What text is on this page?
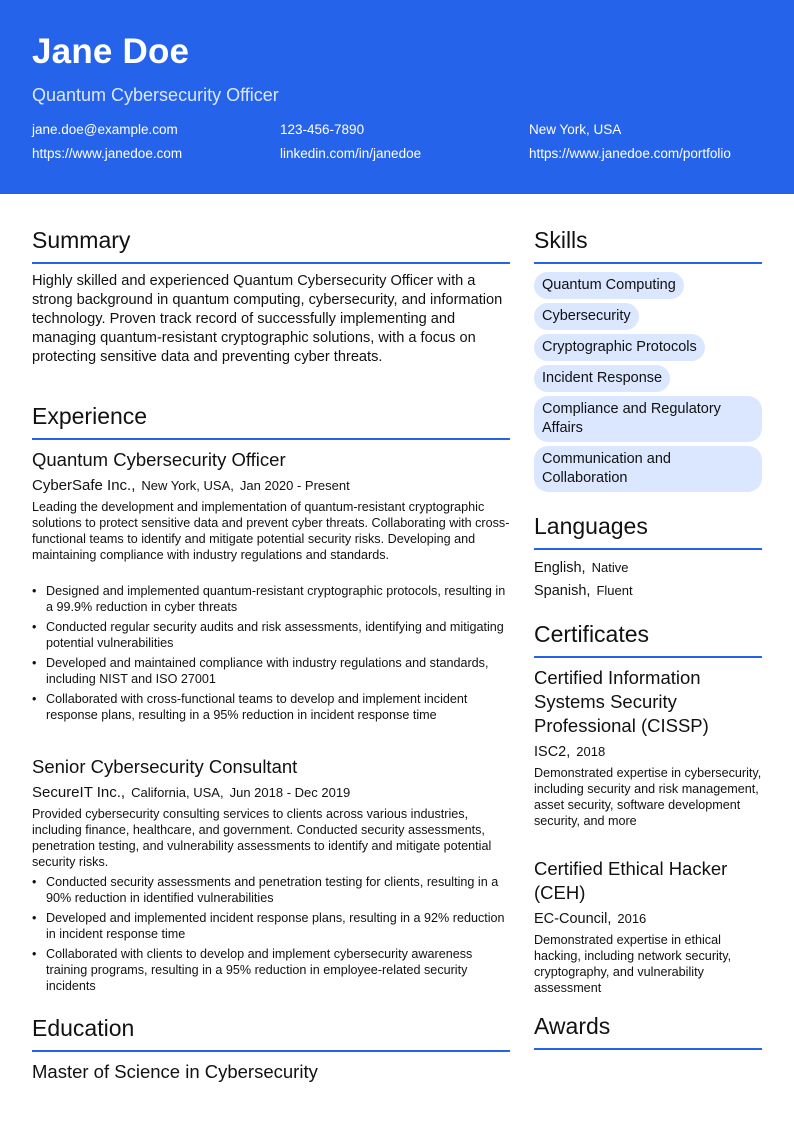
Jane Doe
Quantum Cybersecurity Officer
jane.doe@example.com	123-456-7890	New York, USA
https://www.janedoe.com	linkedin.com/in/janedoe	https://www.janedoe.com/portfolio
Summary
Highly skilled and experienced Quantum Cybersecurity Officer with a strong background in quantum computing, cybersecurity, and information technology. Proven track record of successfully implementing and managing quantum-resistant cryptographic solutions, with a focus on protecting sensitive data and preventing cyber threats.
Experience
Quantum Cybersecurity Officer
CyberSafe Inc., New York, USA, Jan 2020 - Present
Leading the development and implementation of quantum-resistant cryptographic solutions to protect sensitive data and prevent cyber threats. Collaborating with cross-functional teams to identify and mitigate potential security risks. Developing and maintaining compliance with industry regulations and standards.
• Designed and implemented quantum-resistant cryptographic protocols, resulting in a 99.9% reduction in cyber threats
• Conducted regular security audits and risk assessments, identifying and mitigating potential vulnerabilities
• Developed and maintained compliance with industry regulations and standards, including NIST and ISO 27001
• Collaborated with cross-functional teams to develop and implement incident response plans, resulting in a 95% reduction in incident response time
Senior Cybersecurity Consultant
SecureIT Inc., California, USA, Jun 2018 - Dec 2019
Provided cybersecurity consulting services to clients across various industries, including finance, healthcare, and government. Conducted security assessments, penetration testing, and vulnerability assessments to identify and mitigate potential security risks.
• Conducted security assessments and penetration testing for clients, resulting in a 90% reduction in identified vulnerabilities
• Developed and implemented incident response plans, resulting in a 92% reduction in incident response time
• Collaborated with clients to develop and implement cybersecurity awareness training programs, resulting in a 95% reduction in employee-related security incidents
Education
Master of Science in Cybersecurity
Skills
Quantum Computing
Cybersecurity
Cryptographic Protocols
Incident Response
Compliance and Regulatory Affairs
Communication and Collaboration
Languages
English, Native
Spanish, Fluent
Certificates
Certified Information Systems Security Professional (CISSP)
ISC2, 2018
Demonstrated expertise in cybersecurity, including security and risk management, asset security, software development security, and more
Certified Ethical Hacker (CEH)
EC-Council, 2016
Demonstrated expertise in ethical hacking, including network security, cryptography, and vulnerability assessment
Awards
